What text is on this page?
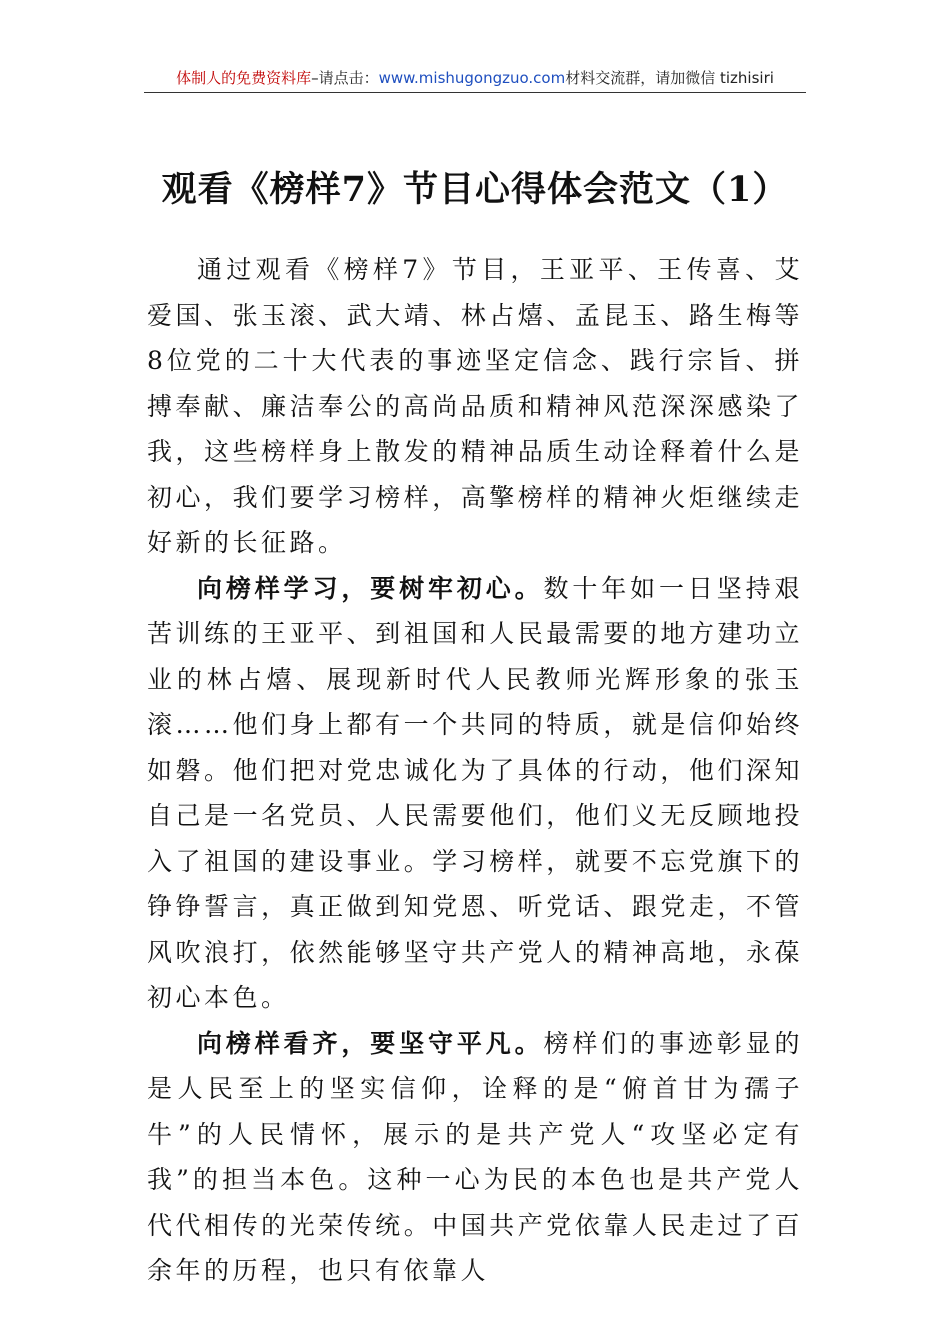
体制人的免费资料库–请点击：www.mishugongzuo.com材料交流群，请加微信 tizhisiri
观看《榜样7》节目心得体会范文（1）

通过观看《榜样7》节目，王亚平、王传喜、艾爱国、张玉滚、武大靖、林占熺、孟昆玉、路生梅等8位党的二十大代表的事迹坚定信念、践行宗旨、拼搏奉献、廉洁奉公的高尚品质和精神风范深深感染了我，这些榜样身上散发的精神品质生动诠释着什么是初心，我们要学习榜样，高擎榜样的精神火炬继续走好新的长征路。

向榜样学习，要树牢初心。数十年如一日坚持艰苦训练的王亚平、到祖国和人民最需要的地方建功立业的林占熺、展现新时代人民教师光辉形象的张玉滚……他们身上都有一个共同的特质，就是信仰始终如磐。他们把对党忠诚化为了具体的行动，他们深知自己是一名党员、人民需要他们，他们义无反顾地投入了祖国的建设事业。学习榜样，就要不忘党旗下的铮铮誓言，真正做到知党恩、听党话、跟党走，不管风吹浪打，依然能够坚守共产党人的精神高地，永葆初心本色。

向榜样看齐，要坚守平凡。榜样们的事迹彰显的是人民至上的坚实信仰，诠释的是“俯首甘为孺子牛”的人民情怀，展示的是共产党人“攻坚必定有我”的担当本色。这种一心为民的本色也是共产党人代代相传的光荣传统。中国共产党依靠人民走过了百余年的历程，也只有依靠人
